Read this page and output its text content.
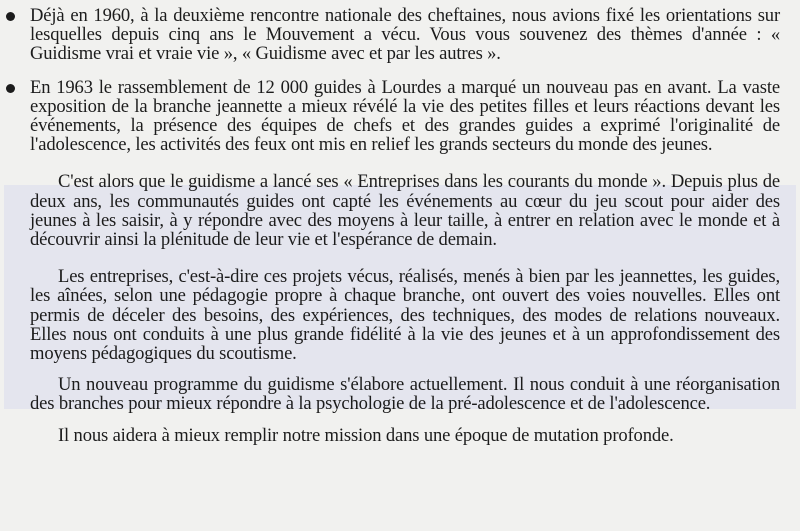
Déjà en 1960, à la deuxième rencontre nationale des cheftaines, nous avions fixé les orientations sur lesquelles depuis cinq ans le Mouvement a vécu. Vous vous souvenez des thèmes d'année : « Guidisme vrai et vraie vie », « Guidisme avec et par les autres ».

En 1963 le rassemblement de 12 000 guides à Lourdes a marqué un nouveau pas en avant. La vaste exposition de la branche jeannette a mieux révélé la vie des petites filles et leurs réactions devant les événements, la présence des équipes de chefs et des grandes guides a exprimé l'originalité de l'adolescence, les activités des feux ont mis en relief les grands secteurs du monde des jeunes.

C'est alors que le guidisme a lancé ses « Entreprises dans les courants du monde ». Depuis plus de deux ans, les communautés guides ont capté les événements au cœur du jeu scout pour aider des jeunes à les saisir, à y répondre avec des moyens à leur taille, à entrer en relation avec le monde et à découvrir ainsi la plénitude de leur vie et l'espérance de demain.

Les entreprises, c'est-à-dire ces projets vécus, réalisés, menés à bien par les jeannettes, les guides, les aînées, selon une pédagogie propre à chaque branche, ont ouvert des voies nouvelles. Elles ont permis de déceler des besoins, des expériences, des techniques, des modes de relations nouveaux. Elles nous ont conduits à une plus grande fidélité à la vie des jeunes et à un approfondissement des moyens pédagogiques du scoutisme.

Un nouveau programme du guidisme s'élabore actuellement. Il nous conduit à une réorganisation des branches pour mieux répondre à la psychologie de la pré-adolescence et de l'adolescence.

Il nous aidera à mieux remplir notre mission dans une époque de mutation profonde.
